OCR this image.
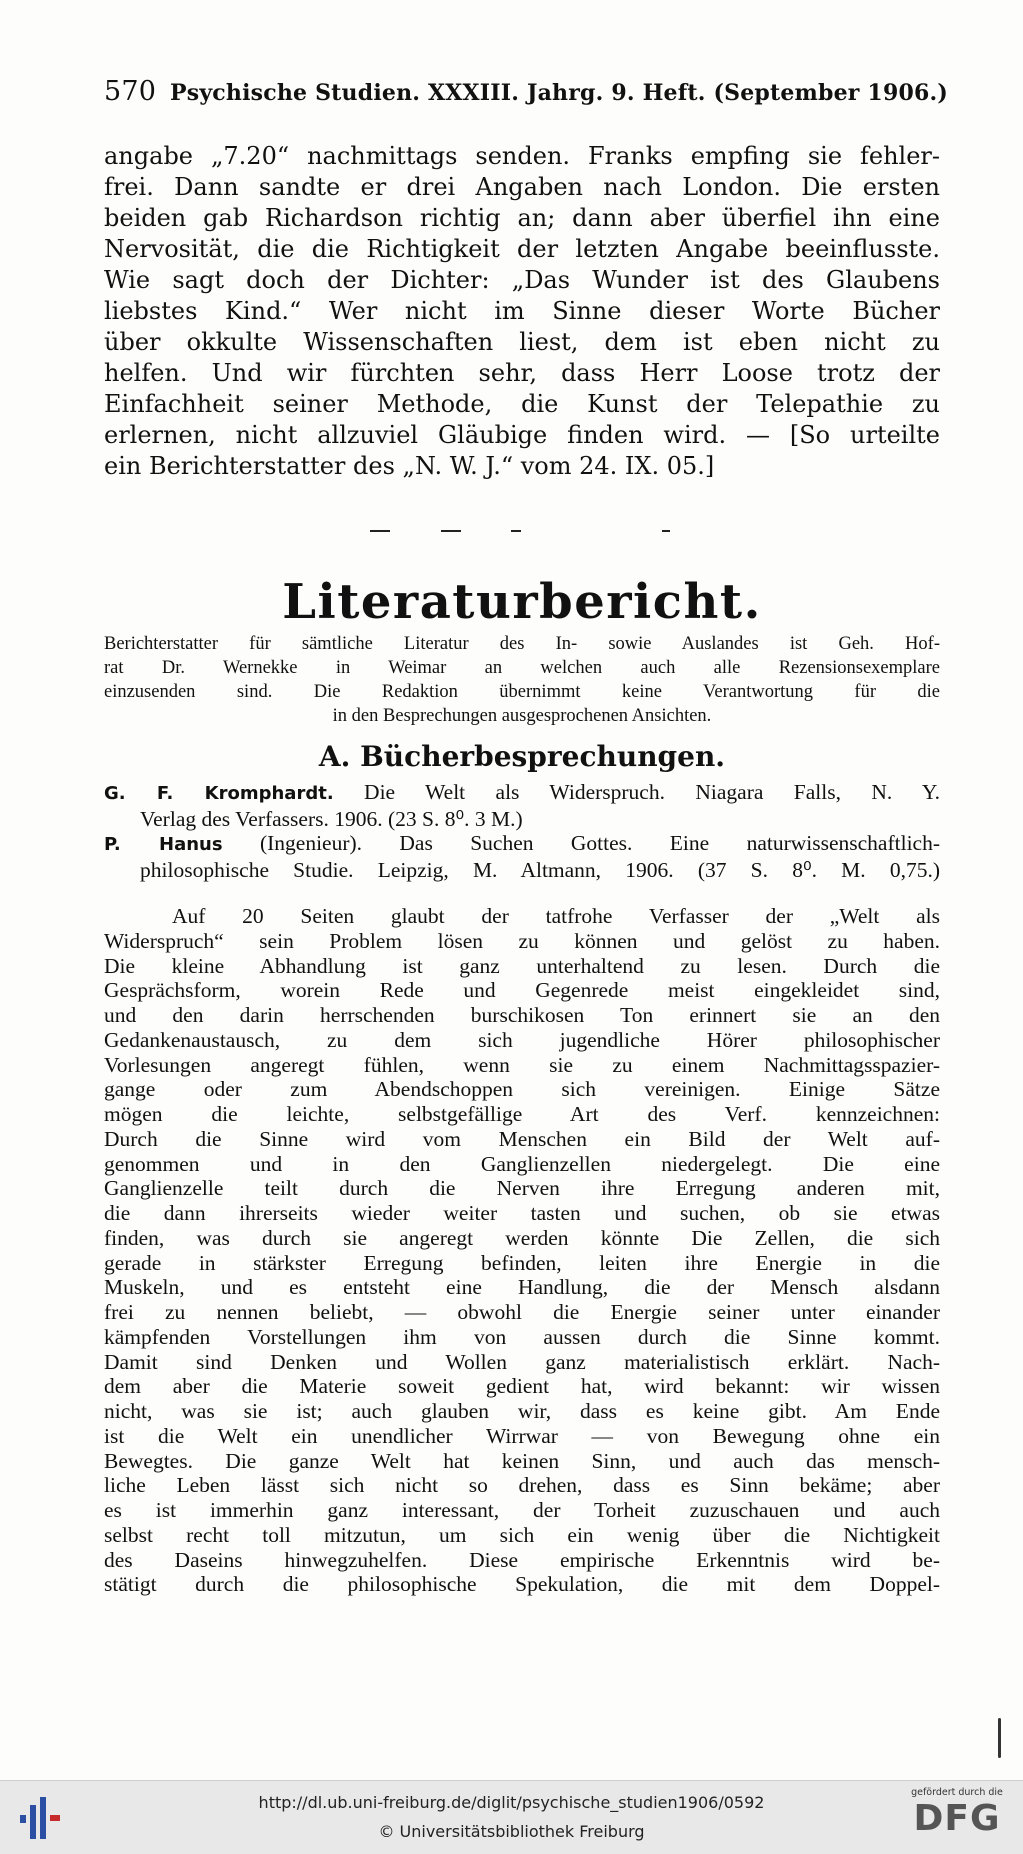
570 Psychische Studien. XXXIII. Jahrg. 9. Heft. (September 1906.)
angabe „7.20“ nachmittags senden. Franks empfing sie fehler-
frei. Dann sandte er drei Angaben nach London. Die ersten
beiden gab Richardson richtig an; dann aber überfiel ihn eine
Nervosität, die die Richtigkeit der letzten Angabe beeinflusste.
Wie sagt doch der Dichter: „Das Wunder ist des Glaubens
liebstes Kind.“ Wer nicht im Sinne dieser Worte Bücher
über okkulte Wissenschaften liest, dem ist eben nicht zu
helfen. Und wir fürchten sehr, dass Herr Loose trotz der
Einfachheit seiner Methode, die Kunst der Telepathie zu
erlernen, nicht allzuviel Gläubige finden wird. — [So urteilte
ein Berichterstatter des „N. W. J.“ vom 24. IX. 05.]
Literaturbericht.
Berichterstatter für sämtliche Literatur des In- sowie Auslandes ist Geh. Hof-
rat Dr. Wernekke in Weimar an welchen auch alle Rezensionsexemplare
einzusenden sind. Die Redaktion übernimmt keine Verantwortung für die
in den Besprechungen ausgesprochenen Ansichten.
A. Bücherbesprechungen.
G. F. Kromphardt. Die Welt als Widerspruch. Niagara Falls, N. Y.
Verlag des Verfassers. 1906. (23 S. 8⁰. 3 M.)
P. Hanus (Ingenieur). Das Suchen Gottes. Eine naturwissenschaftlich-
philosophische Studie. Leipzig, M. Altmann, 1906. (37 S. 8⁰. M. 0,75.)
Auf 20 Seiten glaubt der tatfrohe Verfasser der „Welt als
Widerspruch“ sein Problem lösen zu können und gelöst zu haben.
Die kleine Abhandlung ist ganz unterhaltend zu lesen. Durch die
Gesprächsform, worein Rede und Gegenrede meist eingekleidet sind,
und den darin herrschenden burschikosen Ton erinnert sie an den
Gedankenaustausch, zu dem sich jugendliche Hörer philosophischer
Vorlesungen angeregt fühlen, wenn sie zu einem Nachmittagsspazier-
gange oder zum Abendschoppen sich vereinigen. Einige Sätze
mögen die leichte, selbstgefällige Art des Verf. kennzeichnen:
Durch die Sinne wird vom Menschen ein Bild der Welt auf-
genommen und in den Ganglienzellen niedergelegt. Die eine
Ganglienzelle teilt durch die Nerven ihre Erregung anderen mit,
die dann ihrerseits wieder weiter tasten und suchen, ob sie etwas
finden, was durch sie angeregt werden könnte Die Zellen, die sich
gerade in stärkster Erregung befinden, leiten ihre Energie in die
Muskeln, und es entsteht eine Handlung, die der Mensch alsdann
frei zu nennen beliebt, — obwohl die Energie seiner unter einander
kämpfenden Vorstellungen ihm von aussen durch die Sinne kommt.
Damit sind Denken und Wollen ganz materialistisch erklärt. Nach-
dem aber die Materie soweit gedient hat, wird bekannt: wir wissen
nicht, was sie ist; auch glauben wir, dass es keine gibt. Am Ende
ist die Welt ein unendlicher Wirrwar — von Bewegung ohne ein
Bewegtes. Die ganze Welt hat keinen Sinn, und auch das mensch-
liche Leben lässt sich nicht so drehen, dass es Sinn bekäme; aber
es ist immerhin ganz interessant, der Torheit zuzuschauen und auch
selbst recht toll mitzutun, um sich ein wenig über die Nichtigkeit
des Daseins hinwegzuhelfen. Diese empirische Erkenntnis wird be-
stätigt durch die philosophische Spekulation, die mit dem Doppel-
http://dl.ub.uni-freiburg.de/diglit/psychische_studien1906/0592
© Universitätsbibliothek Freiburg
gefördert durch die
DFG
